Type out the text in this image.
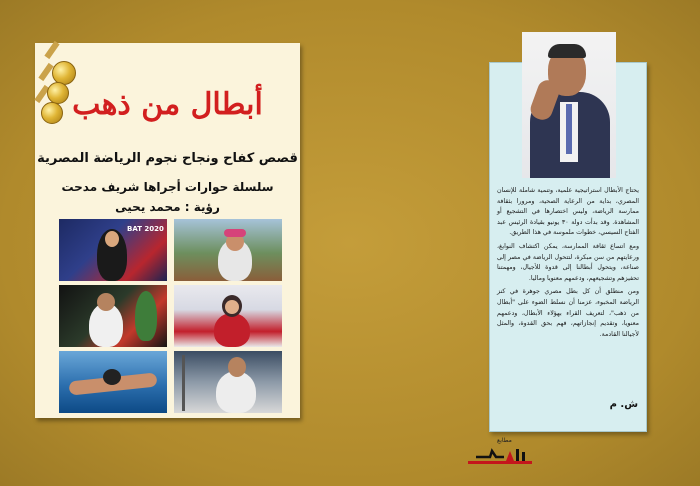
أبطال من ذهب
قصص كفاح ونجاح نجوم الرياضة المصرية
سلسلة حوارات أجراها شريف مدحت
رؤية : محمد يحيى
BAT 2020

يحتاج الأبطال استراتيجية علمية، وتنمية شاملة للإنسان المصري، بداية من الرعاية الصحية، ومرورا بثقافة ممارسة الرياضة، وليس اختصارها في التشجيع أو المشاهدة. وقد بدأت دولة ٣٠ يونيو بقيادة الرئيس عبد الفتاح السيسي، خطوات ملموسة في هذا الطريق.

ومع اتساع ثقافة الممارسة، يمكن اكتشاف النوابغ، ورعايتهم من سن مبكرة، لتتحول الرياضة في مصر إلى صناعة، ويتحول أبطالنا إلى قدوة للأجيال، ومهمتنا تحفيزهم وتشجيعهم، ودعمهم معنويا وماليا.

ومن منطلق أن كل بطل مصري جوهرة في كنز الرياضة المخبوء، عزمنا أن نسلط الضوء على "أبطال من ذهب"، لتعريف القراء بهؤلاء الأبطال، ودعمهم معنويا، وتقديم إنجازاتهم، فهم بحق القدوة، والمثل لأجيالنا القادمة.

ش. م
مطابع
